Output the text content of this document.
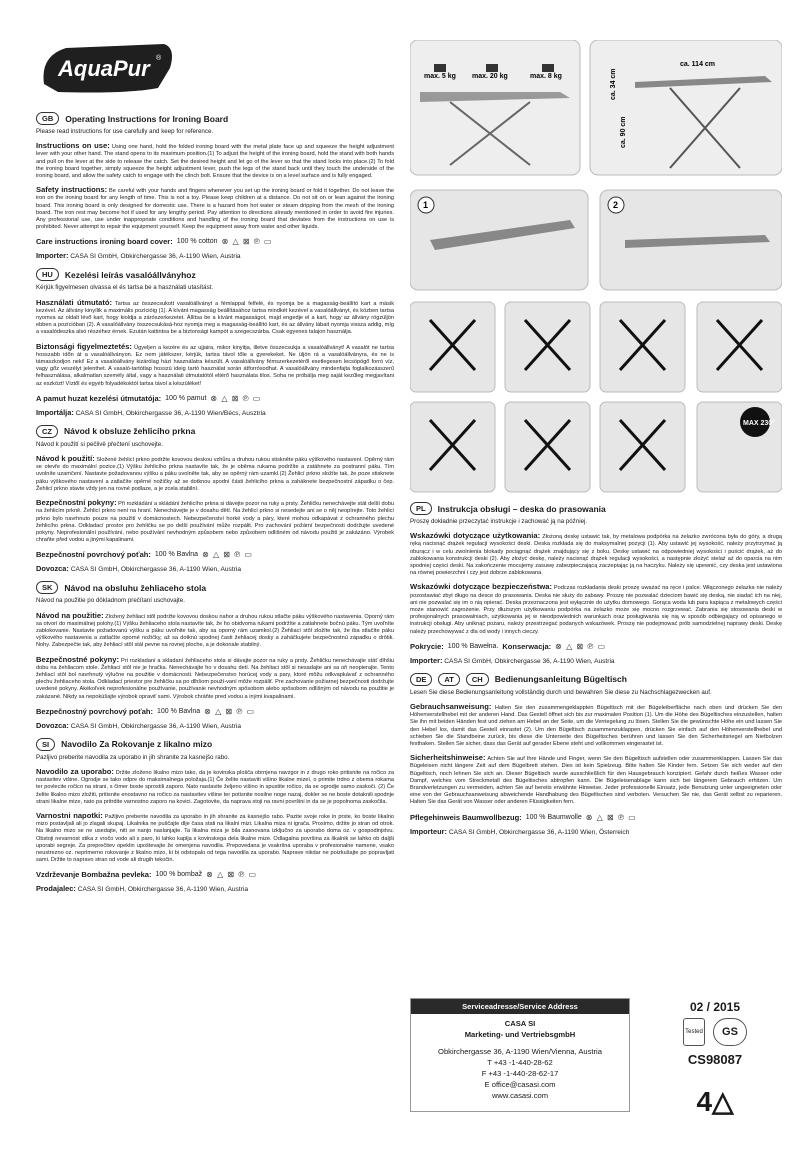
AquaPur ®
GB	Operating Instructions for Ironing Board
Please read instructions for use carefully and keep for reference.
Instructions on use: Using one hand, hold the folded ironing board with the metal plate face up and squeeze the height adjustment lever with your other hand. The stand opens to its maximum position.(1) To adjust the height of the ironing board, hold the stand with both hands and pull on the lever at the side to release the catch. Set the desired height and let go of the lever so that the stand locks into place.(2) To fold the ironing board together, simply squeeze the height adjustment lever, push the legs of the stand back until they touch the underside of the ironing board, and allow the safety catch to engage with the clinch bolt. Ensure that the device is on a level surface and is fully engaged.
Safety instructions: Be careful with your hands and fingers whenever you set up the ironing board or fold it together. Do not leave the iron on the ironing board for any length of time. This is not a toy. Please keep children at a distance. Do not sit on or lean against the ironing board. This ironing board is only designed for domestic use. There is a hazard from hot water or steam dripping from the mesh of the ironing board. The iron rest may become hot if used for any lengthy period. Pay attention to directions already mentioned in order to avoid fire injuries. Any professional use, use under inappropriate conditions and handling of the ironing board that deviates from the instructions on use is prohibited. Never attempt to repair the equipment yourself. Keep the equipment away from water and other liquids.
Care instructions ironing board cover: 100 % cotton ⊗ △ ⊠ ℗ ▭
Importer: CASA SI GmbH, Obkirchergasse 36, A-1190 Wien, Austria
HU	Kezelési leírás vasalóállványhoz
Kérjük figyelmesen olvassa el és tartsa be a használati utasítást.
Használati útmutató: Tartsa az összecsukott vasalóállványt a fémlappal felfelé, és nyomja be a magasság-beállító kart a másik kezével. Az állvány kinyílik a maximális pozícióig (1). A kívánt magasság beállításához tartsa mindkét kezével a vasalóállványt, és közben tartsa nyomva az oldalt lévő kart, hogy kioldja a zárószerkezetet. Állítsa be a kívánt magasságot, majd engedje el a kart, hogy az állvány rögzüljön ebben a pozícióban (2). A vasalóállvány összecsukásá-hoz nyomja meg a magasság-beállító kart, és az állvány lábait nyomja vissza addig, míg a vasalódeszka alsó részéhez érnek. Ezután kattintsa be a biztonsági kampót a szegecszárba. Csak egyenes talajon használja.
Biztonsági figyelmeztetés: Ügyeljen a kezére és az ujjaira, mikor kinyitja, illetve összecsukja a vasalóállványt! A vasalót ne tartsa hosszabb időn át a vasalóállványon. Ez nem játékszer, kérjük, tartsa távol tőle a gyerekeket. Ne üljön rá a vasalóállványra, és ne is támaszkodjon neki! Ez a vasalóállvány kizárólag házi használatra készült. A vasalóállvány fémszerkezetéről esetlegesen lecsöpögő forró víz, vagy gőz veszélyt jelenthet. A vasaló-tartótlap hosszú ideig tartó használat során átforrósodhat. A vasalóállvány mindenfajta foglalkozásszerű felhasználása, alkalmatlan személy által, vagy a használati útmutatótól eltérő használata tilos. Soha ne próbálja meg saját kezűleg megjavítani az eszközt! Víztől és egyéb folyadékoktól tartsa távol a készüléket!
A pamut huzat kezelési útmutatója: 100 % pamut ⊗ △ ⊠ ℗ ▭
Importálja: CASA SI GmbH, Obkirchergasse 36, A-1190 Wien/Bécs, Ausztria
CZ	Návod k obsluze žehlicího prkna
Návod k použití si pečlivě přečtení uschovejte.
Návod k použití: Složené žehlicí prkno podržte kovovou deskou vzhůru a druhou rukou stiskněte páku výškového nastavení. Opěrný rám se otevře do maximální pozice.(1) Výšku žehlicího prkna nastavíte tak, že je oběma rukama podržíte a zatáhnete za postranní páku. Tím uvolníte uzamčení. Nastavte požadovanou výšku a páku uvolněte tak, aby se opěrný rám uzamkl.(2) Žehlicí prkno složíte tak, že poze stisknete páku výškového nastavení a zatlačíte opěrné nožičky až se dotknou spodní části žehlicího prkna a zaháknete bezpečnostní západku o čep. Žehlicí prkno stavte vždy jen na rovné podlaze, a je zcela stabilní.
Bezpečnostní pokyny: Při rozkládání a skládání žehlicího prkna si dávejte pozor na ruky a prsty. Žehličku nenechávejte stát delší dobu na žehlicím prkně. Žehlicí prkno není na hraní. Nenechávejte je v dosahu dětí. Na žehlicí prkno si nesedejte ani se o něj neopírejte. Toto žehlicí prkno bylo navrhnuto pouze na použití v domácnostech. Nebezpečenství horké vody a páry, které mohou odkapávat z ochranného plechu žehlicího prkna. Odkladací prostor pro žehličku se po delší používání může rozpálit. Pro zachování požární bezpečnosti dodržujte uvedené pokyny. Neprofesionální používání, nebo používání nevhodným způsobem nebo způsobem odlišném od návodu použití je zakázáno. Výrobek chraňte před vodou a jinými kapalinami.
Bezpečnostní povrchový poťah: 100 % Bavlna ⊗ △ ⊠ ℗ ▭
Dovozca: CASA SI GmbH, Obkirchergasse 36, A-1190 Wien, Austria
SK	Návod na obsluhu žehliaceho stola
Návod na použitie po dôkladnom prečítaní uschovajte.
Návod na použitie: Zložený žehliaci stôl podržte kovovou doskou nahor a druhou rukou stlačte páku výškového nastavenia. Oporný rám sa otvorí do maximálnej polohy.(1) Výšku žehliaceho stola nastavíte tak, že ho obidvoma rukami podržíte a zatiahnete bočnú páku. Tým uvoľníte zablokovanie. Nastavte požadovanú výšku a páku uvoľnite tak, aby sa oporný rám uzamkol.(2) Žehliací stôl zložíte tak, že iba stlačíte páku výškového nastavenia a zatlačíte oporné nožičky, až sa dotknú spodnej časti žehliacej dosky a zaháčkujete bezpečnostnú západku o drôtik. Nohy. Zabezpečte tak, aby žehliací stôl stál pevne na rovnej ploche, a je dokonale stabilný.
Bezpečnostné pokyny: Pri rozkladaní a skladaní žehliaceho stola si dávajte pozor na ruky a prsty. Žehličku nenechávajte stáť dlhšiu dobu na žehliacom stole. Žehliací stôl nie je hračka. Nenechávajte ho v dosahu detí. Na žehliaci stôl si nesadajte ani sa oň neopierajte. Tento žehliací stôl bol navrhnutý výlučne na použitie v domácnosti. Nebezpečenstvo horúcej vody a pary, ktoré môžu odkvapkávať z ochranného plechu žehliaceho stola. Odkladací priestor pre žehličku sa po dlhšom použí-vaní môže rozpáliť. Pre zachovanie požiarnej bezpečnosti dodržujte uvedené pokyny. Akékoľvek neprofesionálne používanie, používanie nevhodným spôsobom alebo spôsobom odlišným od návodu na použitie je zakázané. Nikdy sa nepokúšajte výrobok opraviť sami. Výrobok chráňte pred vodou a inými kvapalinami.
Bezpečnostný povrchový poťah: 100 % Bavlna ⊗ △ ⊠ ℗ ▭
Dovozca: CASA SI GmbH, Obkirchergasse 36, A-1190 Wien, Austria
SI	Navodilo Za Rokovanje z likalno mizo
Pazljivo preberite navodila za uporabo in jih shranite za kasnejšo rabo.
Navodilo za uporabo: Držite zloženo likalno mizo tako, da je kovinska plošča obrnjena navzgor in z drugo roko pritisnite na ročico za nastavitev višine. Ogrodje se tako odpre do maksimalnega položaja.(1) Če želite nastaviti višino likalne mizeí, o primite trdno z obema rokama ter povlecite ročico na strani, s čimer boste sprostili zaporo. Nato nastavite željeno višino in spustite ročico, da se ogrodje samo zaskoči. (2) Če želite likalno mizo zložiti, pritisnite enostavno na ročico za nastavitev višine ter potisnite nosilne noge nazaj, dokler se ne boste dotaknili spodnje strani likalne mize, nato pa pritrdite varnostno zaporo na kovici. Zagotovite, da naprava stoji na ravni površini in da se je popolnoma zaskočila.
Varnostni napotki: Pažljivo preberite navodila za uporabo in jih shranite za kasnejšo rabo. Pazite svoje roke in prste, ko boste likalno mizo postavljali ali jo zlagali skupaj. Likalnika ne puščajte dlje časa stati na likalni mizi. Likalna miza ni igrača. Prosimo, držite jo stran od otrok. Na likalno mizo se ne usedajte, niti se nanjo naslanjajte. Ta likalna miza je bila zasnovana izključno za uporabo doma oz. v gospodinjstvu. Obstoji nevarnost stika z vročo vodo ali s paro, ki lahko kaplja s kovinskega dela likalne mize. Odlagalna površina za likalnik se lahko ob daljši uporabi segreje. Za preprečitev opeklin upoštevajte že omenjena navodila. Prepovedana je vsakršna uporaba v profesionalne namene, vsako neustrezno oz. neprimerno rokovanje z likalno mizo, ki bi odstopalo od tega navodila za uporabo. Naprave nikdar ne poizkušajte po popravljati sami. Držite to napravo stran od vode ali drugih tekočin.
Vzdrževanje Bombažna pevleka: 100 % bombaž ⊗ △ ⊠ ℗ ▭
Prodajalec: CASA SI GmbH, Obkirchergasse 36, A-1190 Wien, Austria
max. 5 kg max. 20 kg	max. 8 kg
ca. 114 cm
ca. 34 cm
ca. 90 cm
1	2
MAX 230°
PL	Instrukcja obsługi – deska do prasowania
Proszę dokładnie przeczytać instrukcje i zachować ją na później.
Wskazówki dotyczące użytkowania: Złożoną deskę ustawić tak, by metalowa podpórka na żelazko zwrócona była do góry, a drugą ręką nacisnąć drążek regulacji wysokości deski. Deska rozkłada się do maksymalnej pozycji (1). Aby ustawić jej wysokość, należy przytrzymać ją oburącz i w celu zwolnienia blokady pociągnąć drążek znajdujący się z boku. Deskę ustawić na odpowiedniej wysokości i puścić drążek, aż do zablokowania konstrukcji deski (2). Aby złożyć deskę, należy nacisnąć drążek regulacji wysokości, a następnie złożyć stelaż aż do oparcia na nim spodniej części deski. Na zakończenie mocujemy zasuwę zabezpieczającą zaczepiając ją na haczyku. Należy się upewnić, czy deska jest ustawiona na równej powierzchni i czy jest dobrze zablokowana.
Wskazówki dotyczące bezpieczeństwa: Podczas rozkładania deski proszę uważać na ręce i palce. Włączonego żelazka nie należy pozostawiać zbyt długo na desce do prasowania. Deska nie służy do zabawy. Proszę nie pozwalać dzieciom bawić się deską, nie siadać ich na niej, ani nie pozwalać się im o nią opierać. Deska przeznaczona jest wyłącznie do użytku domowego. Gorąca woda lub para kapiąca z metalowych części może stanowić zagrożenie. Przy dłuższym użytkowaniu podpórka na żelazko może się mocno rozgrzewać. Zabrania się stosowania deski w profesjonalnych prasowalniach, użytkowania jej w nieodpowiednich warunkach oraz posługiwania się nią w sposób odbiegający od opisanego w instrukcji obsługi. Aby uniknąć pożaru, należy przestrzegać podanych wskazówek. Proszę nie podejmować prób samodzielnej naprawy deski. Deskę należy przechowywać z dla od wody i innych cieczy.
Pokrycie: 100 % Bawełna. Konserwacja: ⊗ △ ⊠ ℗ ▭
Importer: CASA SI GmbH, Obkirchergasse 36, A-1190 Wien, Austria
DE	AT	CH	Bedienungsanleitung Bügeltisch
Lesen Sie diese Bedienungsanleitung vollständig durch und bewahren Sie diese zu Nachschlagezwecken auf.
Gebrauchsanweisung: Halten Sie den zusammengeklappten Bügeltisch mit der Bügeleiberfläche nach oben und drücken Sie den Höhenverstellhebel mit der anderen Hand. Das Gestell öffnet sich bis zur maximalen Position (1). Um die Höhe des Bügeltisches einzustellen, halten Sie ihn mit beiden Händen fest und ziehen am Hebel an der Seite, um die Verriegelung zu lösen. Stellen Sie die gewünschte Höhe ein und lassen Sie den Hebel los, damit das Gestell einrastet (2). Um den Bügeltisch zusammenzuklappen, drücken Sie einfach auf den Höhenverstellhebel und schieben Sie die Standbeine zurück, bis diese die Unterseite des Bügeltisches berühren und lassen Sie den Sicherheitsriegel am Nietbolzen festhaken. Stellen Sie sicher, dass das Gerät auf gerader Ebene steht und vollkommen eingerastet ist.
Sicherheitshinweise: Achten Sie auf Ihre Hände und Finger, wenn Sie den Bügeltisch aufstellen oder zusammenklappen. Lassen Sie das Bügeleisen nicht längere Zeit auf dem Bügelbrett stehen. Dies ist kein Spielzeug. Bitte halten Sie Kinder fern. Setzen Sie sich weder auf den Bügeltisch, noch lehnen Sie sich an. Dieser Bügeltisch wurde ausschließlich für den Hausgebrauch konzipiert. Gefahr durch heißes Wasser oder Dampf, welches vom Streckmetall des Bügeltisches abtropfen kann. Die Bügeleisenablage kann sich bei längerem Gebrauch erhitzen. Um Brandverletzungen zu vermeiden, achten Sie auf bereits erwähnte Hinweise. Jeder professionelle Einsatz, jede Benutzung unter ungeeigneten oder eine von der Gebrauchsanweisung abweichende Handhabung des Bügeltisches sind verboten. Versuchen Sie nie, das Gerät selbst zu reparieren. Halten Sie das Gerät von Wasser oder anderen Flüssigkeiten fern.
Pflegehinweis Baumwollbezug: 100 % Baumwolle ⊗ △ ⊠ ℗ ▭
Importeur: CASA SI GmbH, Obkirchergasse 36, A-1190 Wien, Österreich
Serviceadresse/Service Address
CASA SI
Marketing- und VertriebsgmbH
Obkirchergasse 36, A-1190 Wien/Vienna, Austria
T +43 -1-440-28-62
F +43 -1-440-28-62-17
E office@casasi.com
www.casasi.com
02 / 2015
Tested	GS
CS98087
4△
